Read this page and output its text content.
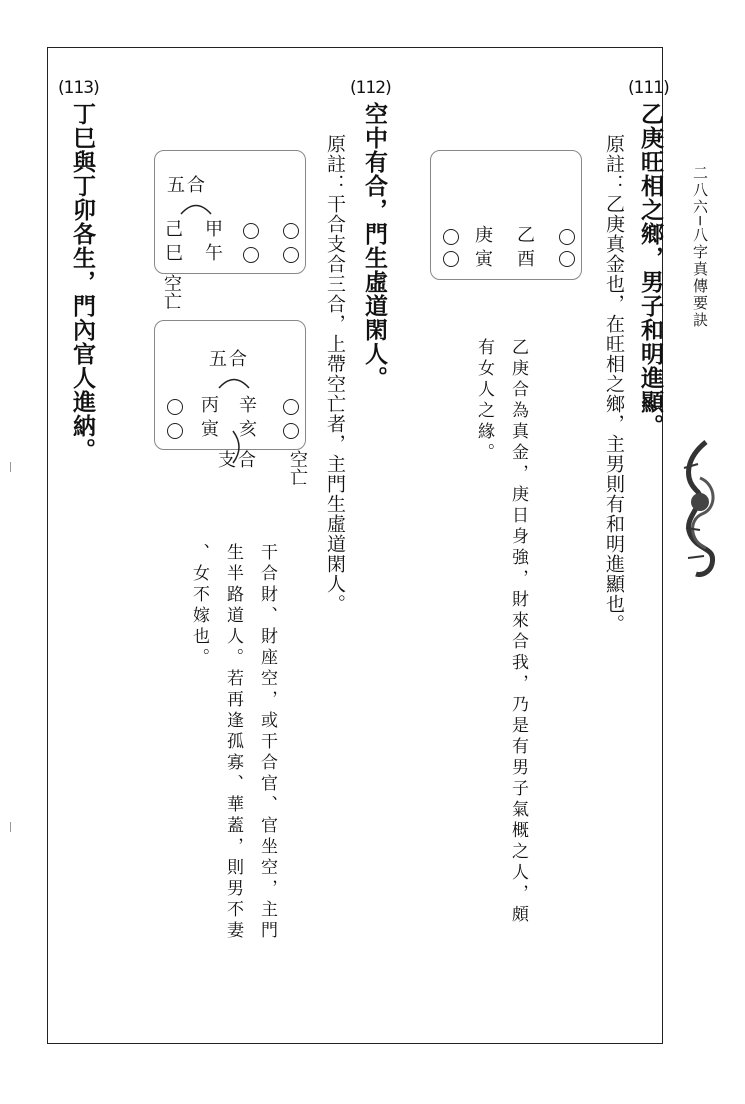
二八六─八字真傳要訣
(111)
乙庚旺相之鄉，男子和明進顯。
原註：乙庚真金也，在旺相之鄉，主男則有和明進顯也。
乙
酉
庚
寅
乙庚合為真金，庚日身強，財來合我，乃是有男子氣概之人，頗
有女人之緣。
(112)
空中有合，門生虛道閑人。
原註：干合支合三合，上帶空亡者，主門生虛道閑人。
甲
午
己
巳
五合
空亡
辛
亥
丙
寅
五合
支合 空亡
干合財、財座空，或干合官、官坐空，主門
生半路道人。若再逢孤寡、華蓋，則男不妻
、女不嫁也。
(113)
丁巳與丁卯各生，門內官人進納。
